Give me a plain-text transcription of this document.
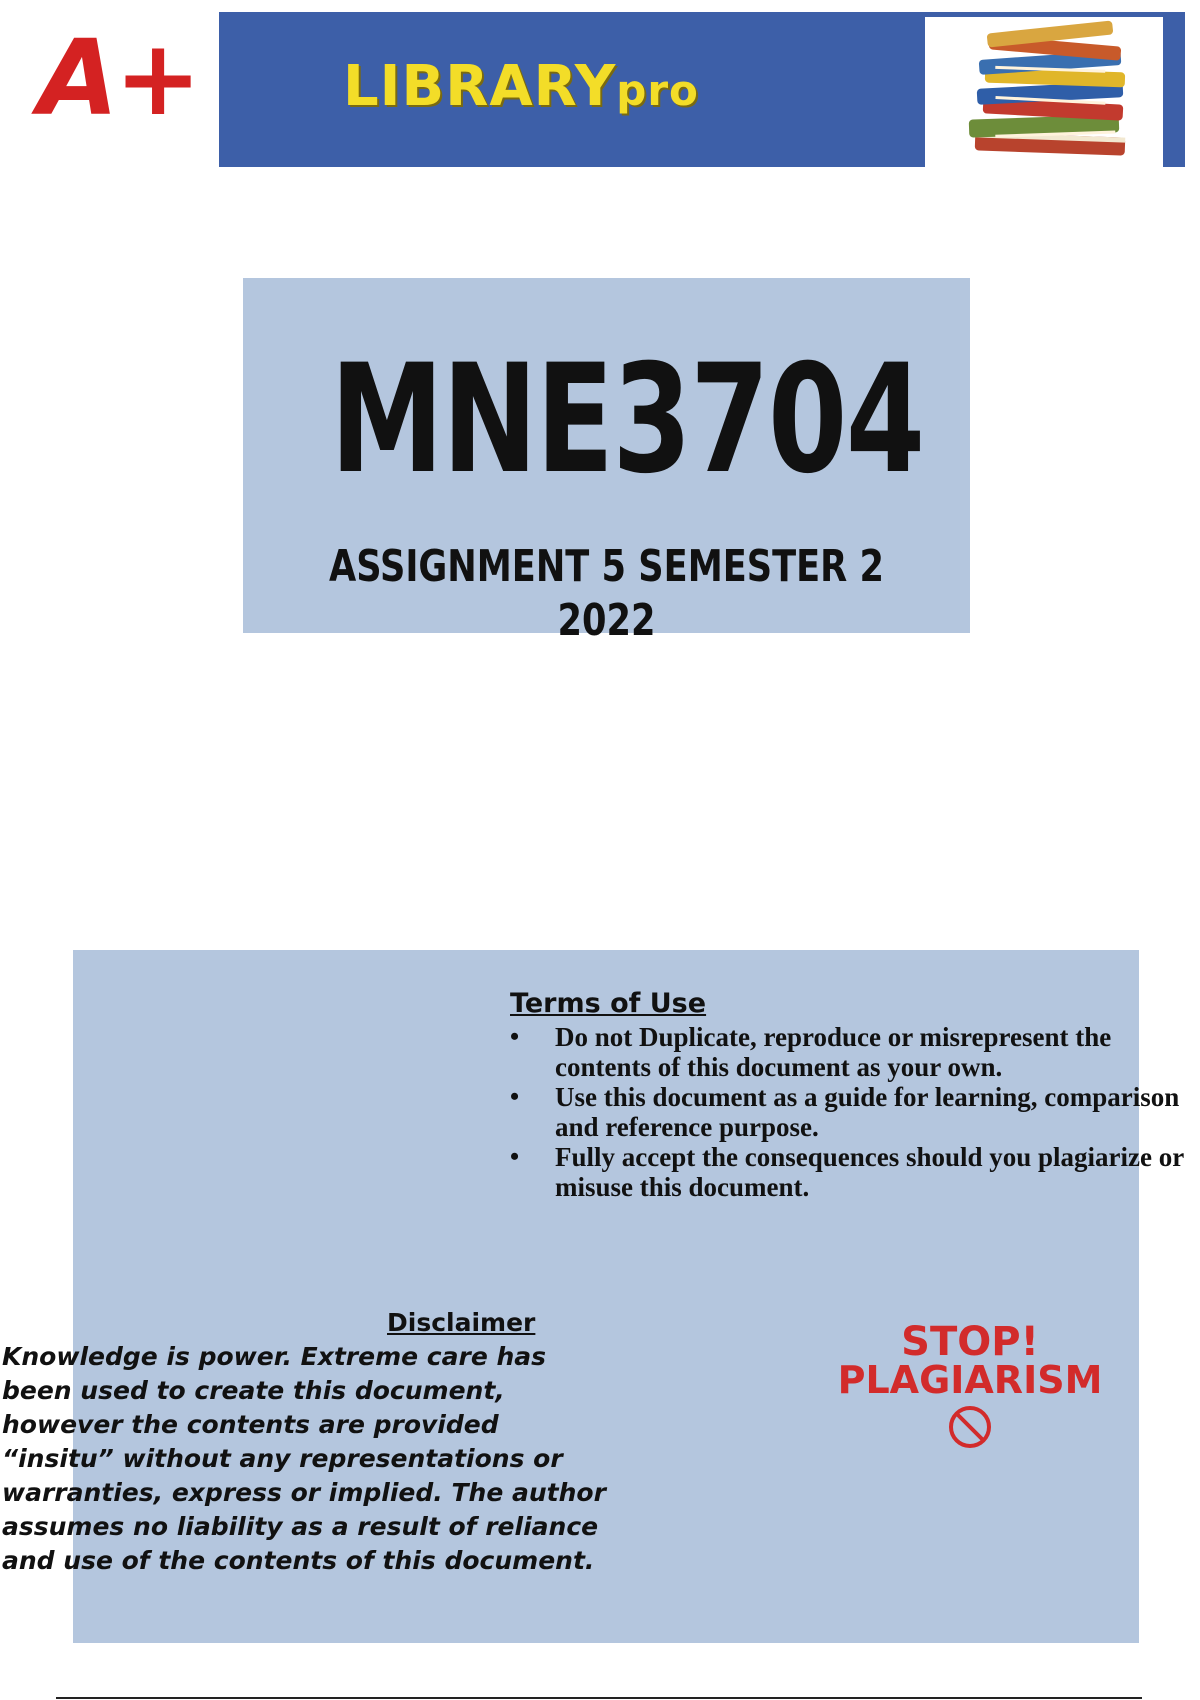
A+	LIBRARYpro
MNE3704
ASSIGNMENT 5 SEMESTER 2 2022
Terms of Use
• Do not Duplicate, reproduce or misrepresent the contents of this document as your own.
• Use this document as a guide for learning, comparison and reference purpose.
• Fully accept the consequences should you plagiarize or misuse this document.
Disclaimer
Knowledge is power. Extreme care has
been used to create this document,
however the contents are provided
“insitu” without any representations or
warranties, express or implied. The author
assumes no liability as a result of reliance
and use of the contents of this document.
STOP!
PLAGIARISM
